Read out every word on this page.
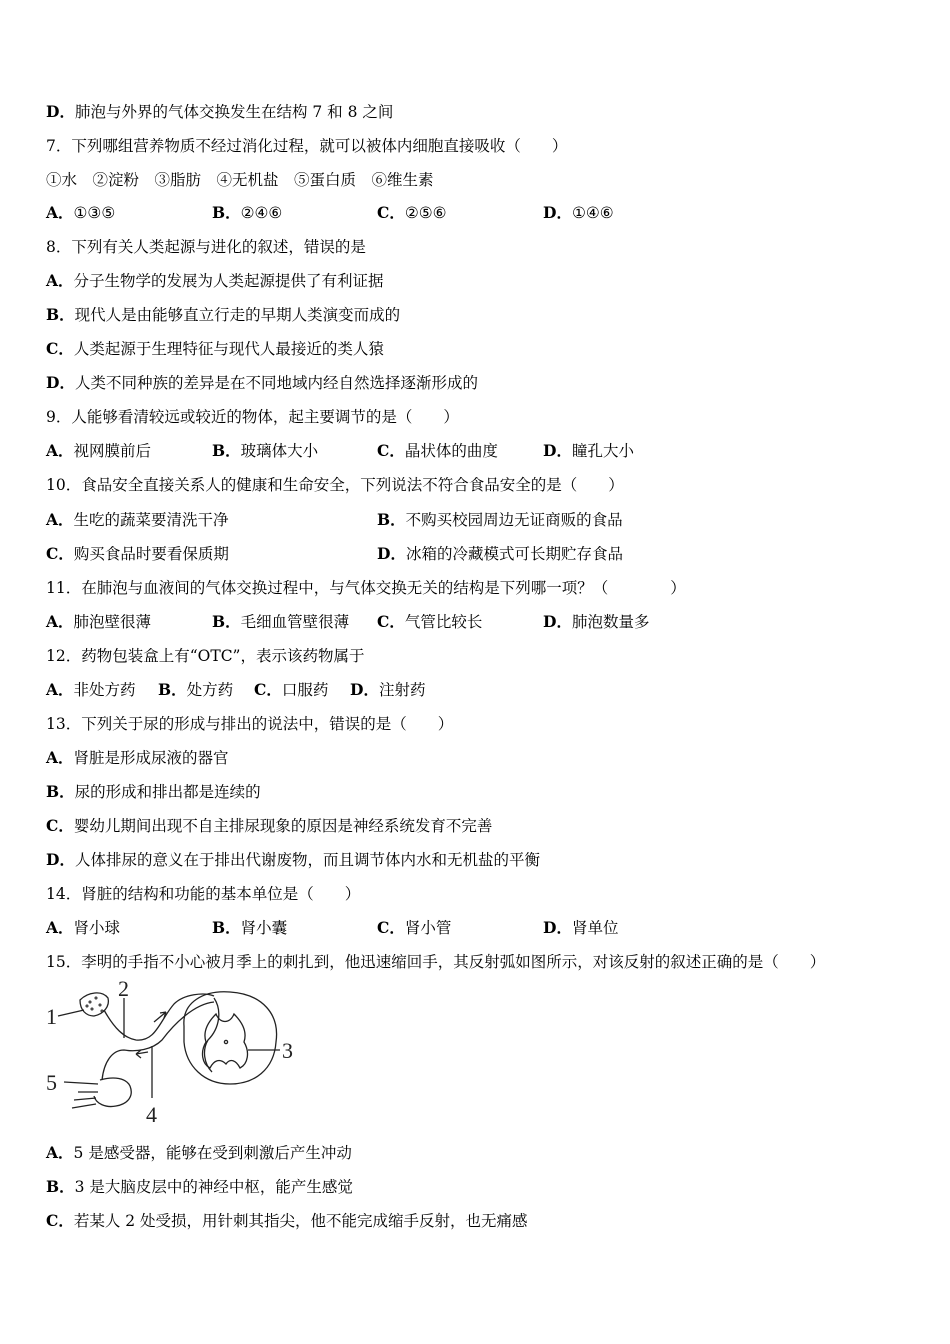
D．肺泡与外界的气体交换发生在结构 7 和 8 之间
7．下列哪组营养物质不经过消化过程，就可以被体内细胞直接吸收（　　）
①水　②淀粉　③脂肪　④无机盐　⑤蛋白质　⑥维生素
A．①③⑤	B．②④⑥	C．②⑤⑥	D．①④⑥
8．下列有关人类起源与进化的叙述，错误的是
A．分子生物学的发展为人类起源提供了有利证据
B．现代人是由能够直立行走的早期人类演变而成的
C．人类起源于生理特征与现代人最接近的类人猿
D．人类不同种族的差异是在不同地域内经自然选择逐渐形成的
9．人能够看清较远或较近的物体，起主要调节的是（　　）
A．视网膜前后	B．玻璃体大小	C．晶状体的曲度	D．瞳孔大小
10．食品安全直接关系人的健康和生命安全，下列说法不符合食品安全的是（　　）
A．生吃的蔬菜要清洗干净	B．不购买校园周边无证商贩的食品
C．购买食品时要看保质期	D．冰箱的冷藏模式可长期贮存食品
11．在肺泡与血液间的气体交换过程中，与气体交换无关的结构是下列哪一项？（　　　　）
A．肺泡壁很薄	B．毛细血管壁很薄 C．气管比较长	D．肺泡数量多
12．药物包装盒上有“OTC”，表示该药物属于
A．非处方药 B．处方药 C．口服药 D．注射药
13．下列关于尿的形成与排出的说法中，错误的是（　　）
A．肾脏是形成尿液的器官
B．尿的形成和排出都是连续的
C．婴幼儿期间出现不自主排尿现象的原因是神经系统发育不完善
D．人体排尿的意义在于排出代谢废物，而且调节体内水和无机盐的平衡
14．肾脏的结构和功能的基本单位是（　　）
A．肾小球	B．肾小囊	C．肾小管	D．肾单位
15．李明的手指不小心被月季上的刺扎到，他迅速缩回手，其反射弧如图所示，对该反射的叙述正确的是（　　）
1
2
3
4
5
A．5 是感受器，能够在受到刺激后产生冲动
B．3 是大脑皮层中的神经中枢，能产生感觉
C．若某人 2 处受损，用针刺其指尖，他不能完成缩手反射，也无痛感
